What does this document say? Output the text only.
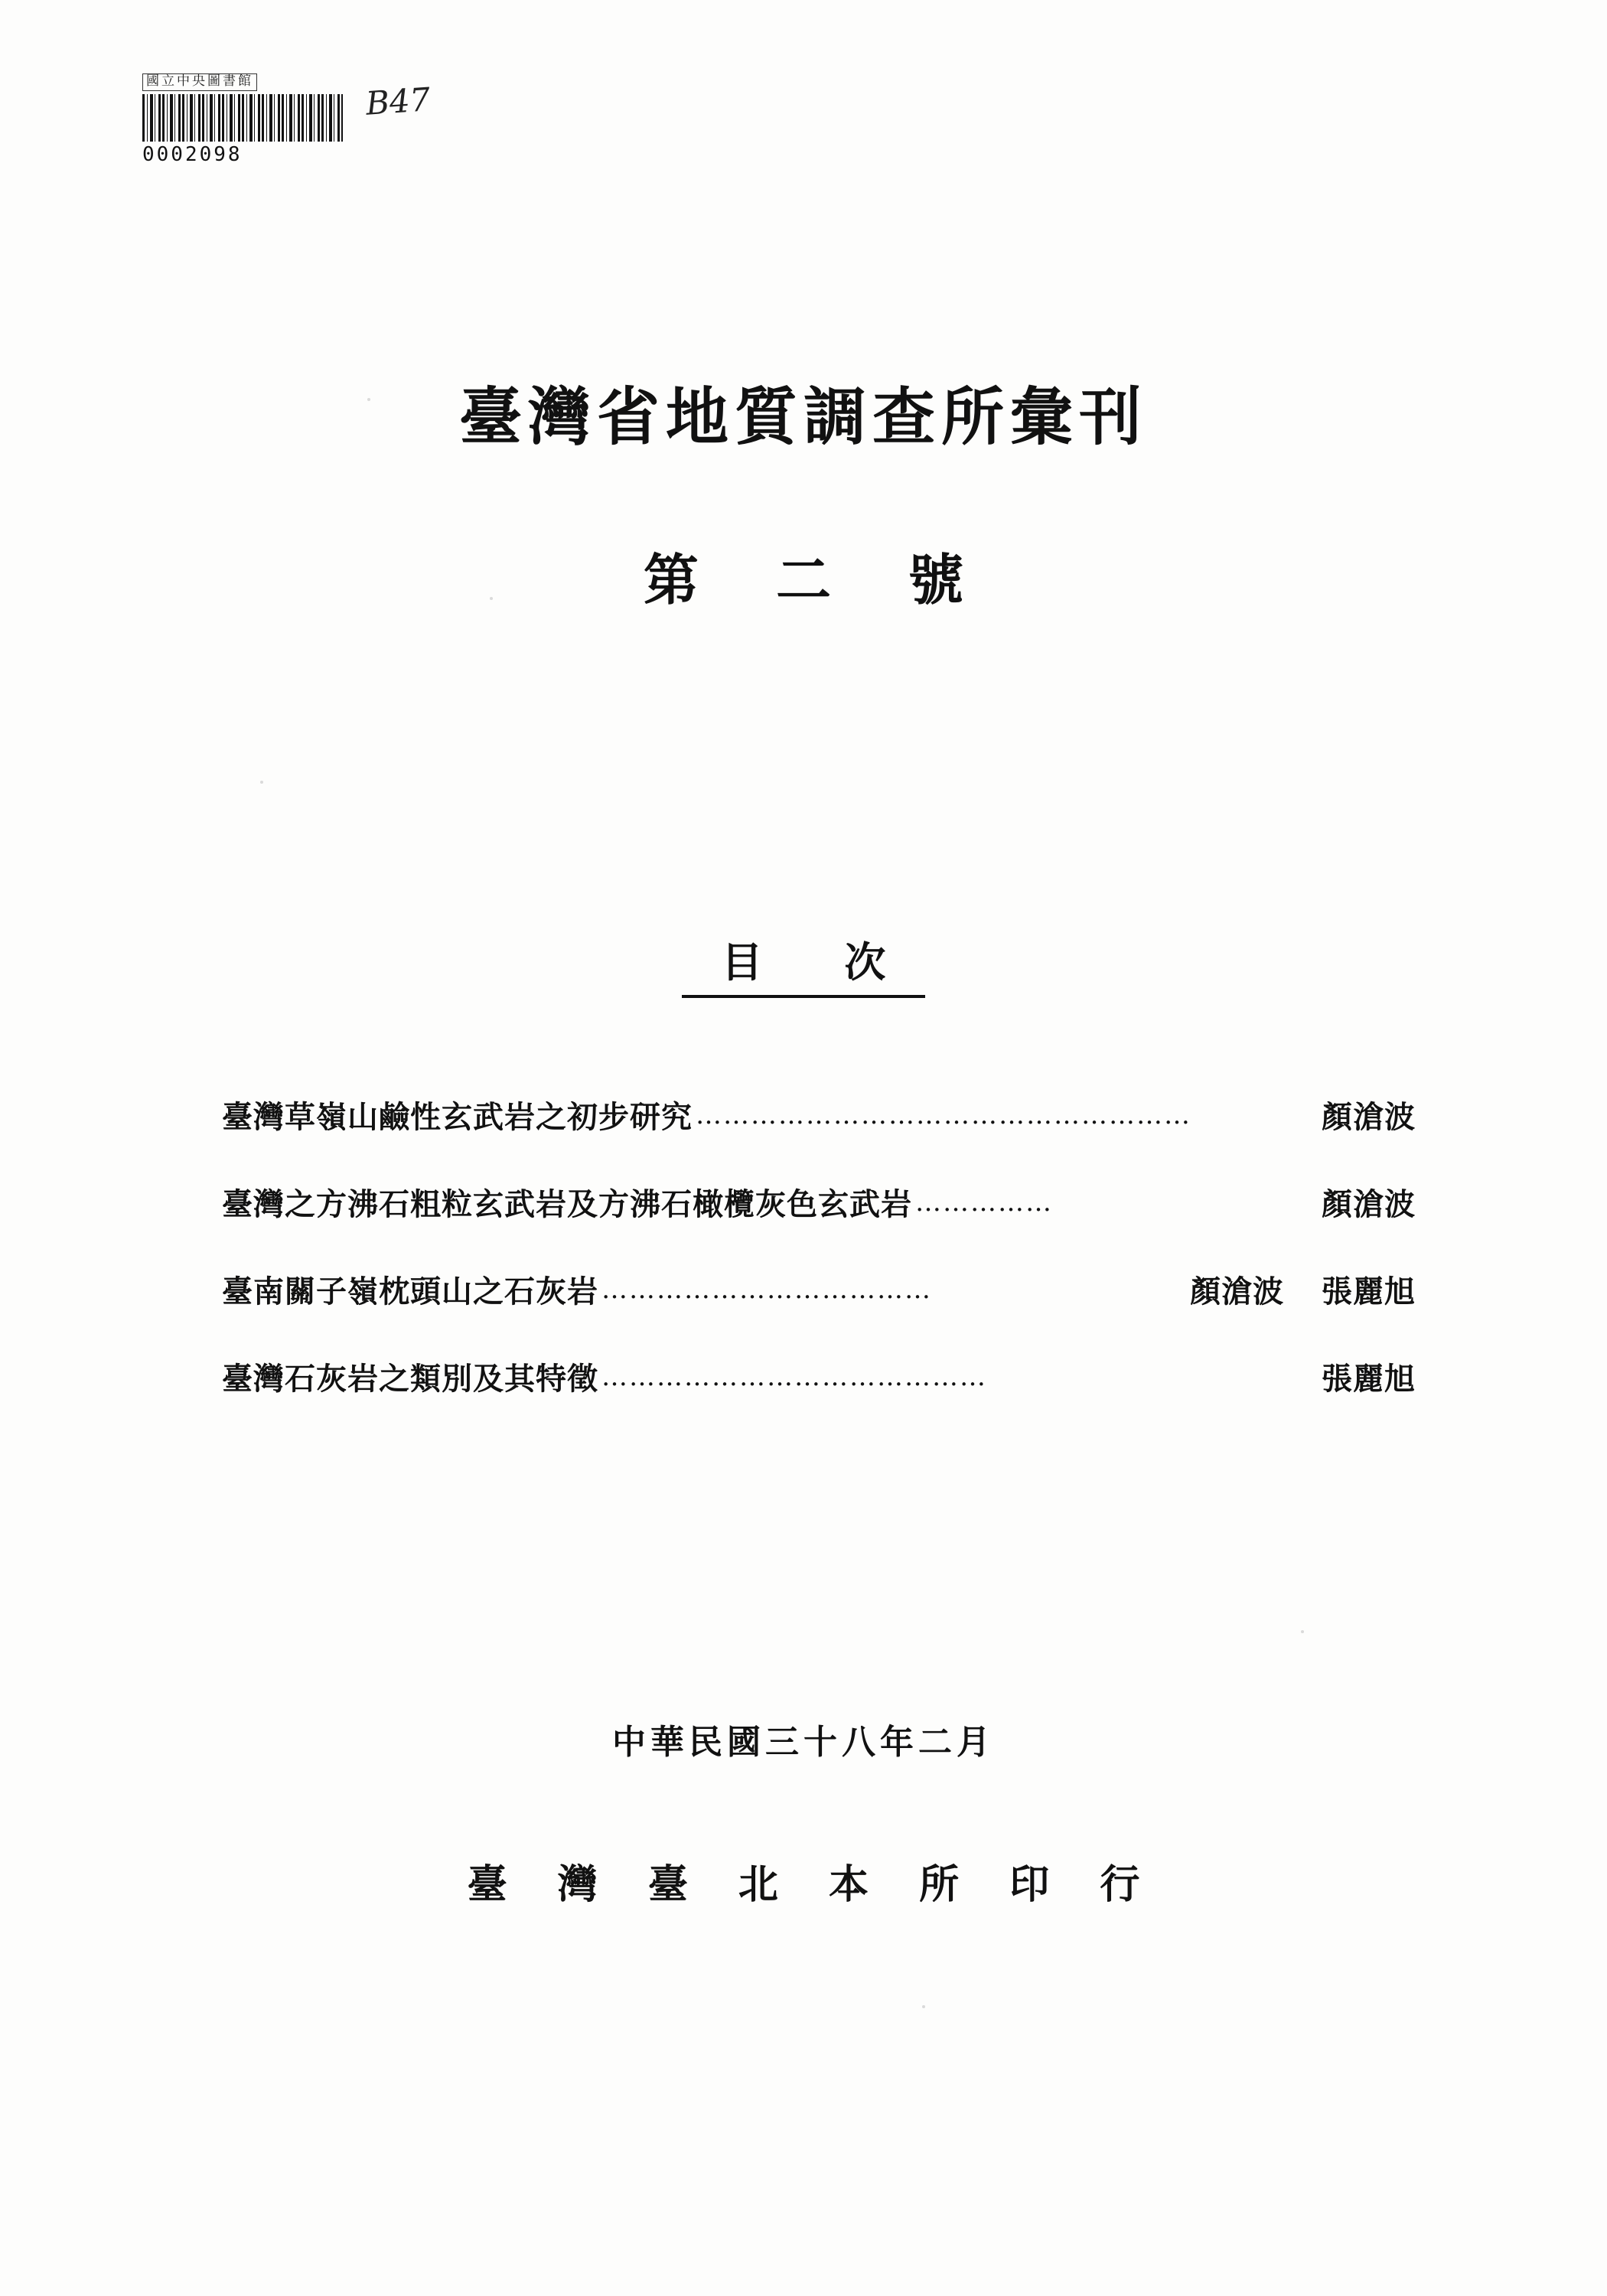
國立中央圖書館
0002098
B47
臺灣省地質調查所彙刊
第 二 號
目 次
臺灣草嶺山鹼性玄武岩之初步研究 ………………………………………………	顏滄波
臺灣之方沸石粗粒玄武岩及方沸石橄欖灰色玄武岩 ……………	顏滄波
臺南關子嶺枕頭山之石灰岩 ………………………………	顏滄波 張麗旭
臺灣石灰岩之類別及其特徵 ……………………………………	張麗旭
中華民國三十八年二月
臺 灣 臺 北 本 所 印 行
